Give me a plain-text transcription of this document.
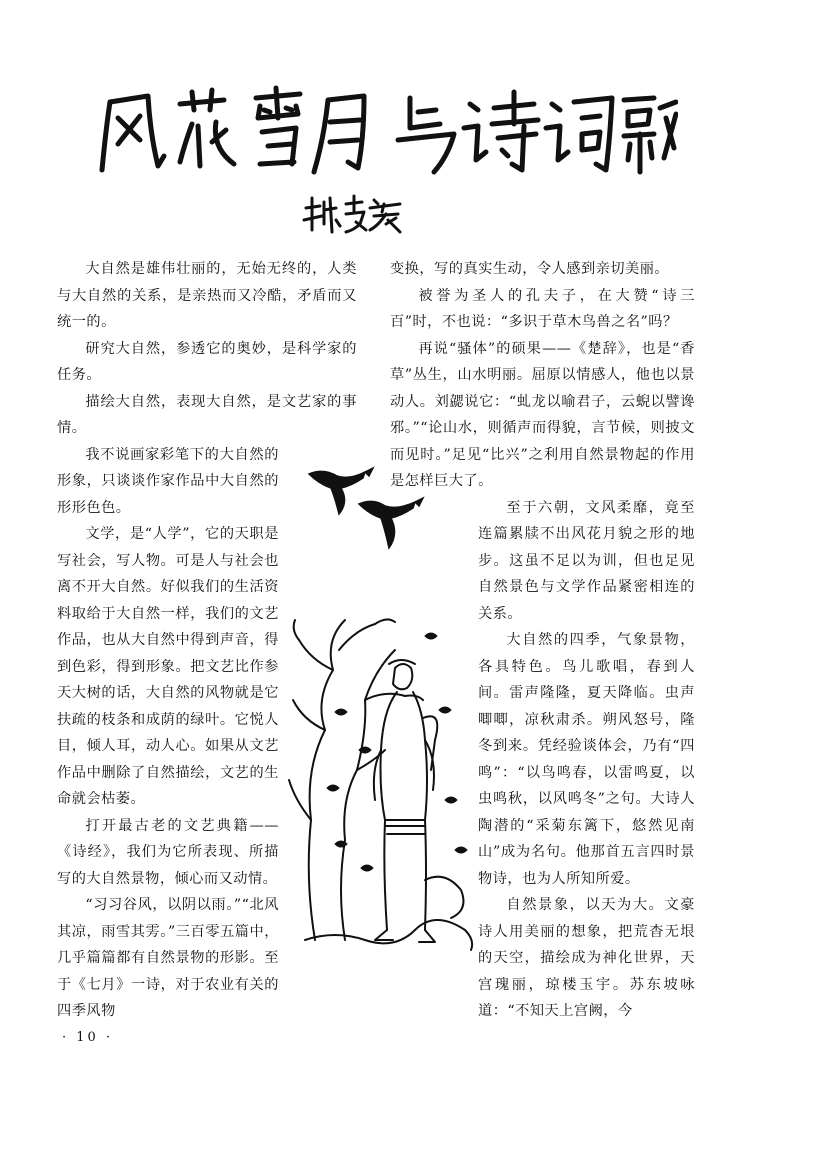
大自然是雄伟壮丽的，无始无终的，人类与大自然的关系，是亲热而又冷酷，矛盾而又统一的。

研究大自然，参透它的奥妙，是科学家的任务。

描绘大自然，表现大自然，是文艺家的事情。

我不说画家彩笔下的大自然的形象，只谈谈作家作品中大自然的形形色色。

文学，是“人学”，它的天职是写社会，写人物。可是人与社会也离不开大自然。好似我们的生活资料取给于大自然一样，我们的文艺作品，也从大自然中得到声音，得到色彩，得到形象。把文艺比作参天大树的话，大自然的风物就是它扶疏的枝条和成荫的绿叶。它悦人目，倾人耳，动人心。如果从文艺作品中删除了自然描绘，文艺的生命就会枯萎。

打开最古老的文艺典籍——《诗经》，我们为它所表现、所描写的大自然景物，倾心而又动情。

“习习谷风，以阴以雨。”“北风其凉，雨雪其雱。”三百零五篇中，几乎篇篇都有自然景物的形影。至于《七月》一诗，对于农业有关的四季风物

变换，写的真实生动，令人感到亲切美丽。

被誉为圣人的孔夫子，在大赞“诗三百”时，不也说：“多识于草木鸟兽之名”吗？

再说“骚体”的硕果——《楚辞》，也是“香草”丛生，山水明丽。屈原以情感人，他也以景动人。刘勰说它：“虬龙以喻君子，云蜺以譬谗邪。”“论山水，则循声而得貌，言节候，则披文而见时。”足见“比兴”之利用自然景物起的作用是怎样巨大了。

至于六朝，文风柔靡，竟至连篇累牍不出风花月貌之形的地步。这虽不足以为训，但也足见自然景色与文学作品紧密相连的关系。

大自然的四季，气象景物，各具特色。鸟儿歌唱，春到人间。雷声隆隆，夏天降临。虫声唧唧，凉秋肃杀。朔风怒号，隆冬到来。凭经验谈体会，乃有“四鸣”：“以鸟鸣春，以雷鸣夏，以虫鸣秋，以风鸣冬”之句。大诗人陶潜的“采菊东篱下，悠然见南山”成为名句。他那首五言四时景物诗，也为人所知所爱。

自然景象，以天为大。文豪诗人用美丽的想象，把荒杳无垠的天空，描绘成为神化世界，天宫瑰丽，琼楼玉宇。苏东坡咏道：“不知天上宫阙，今

· 10 ·
